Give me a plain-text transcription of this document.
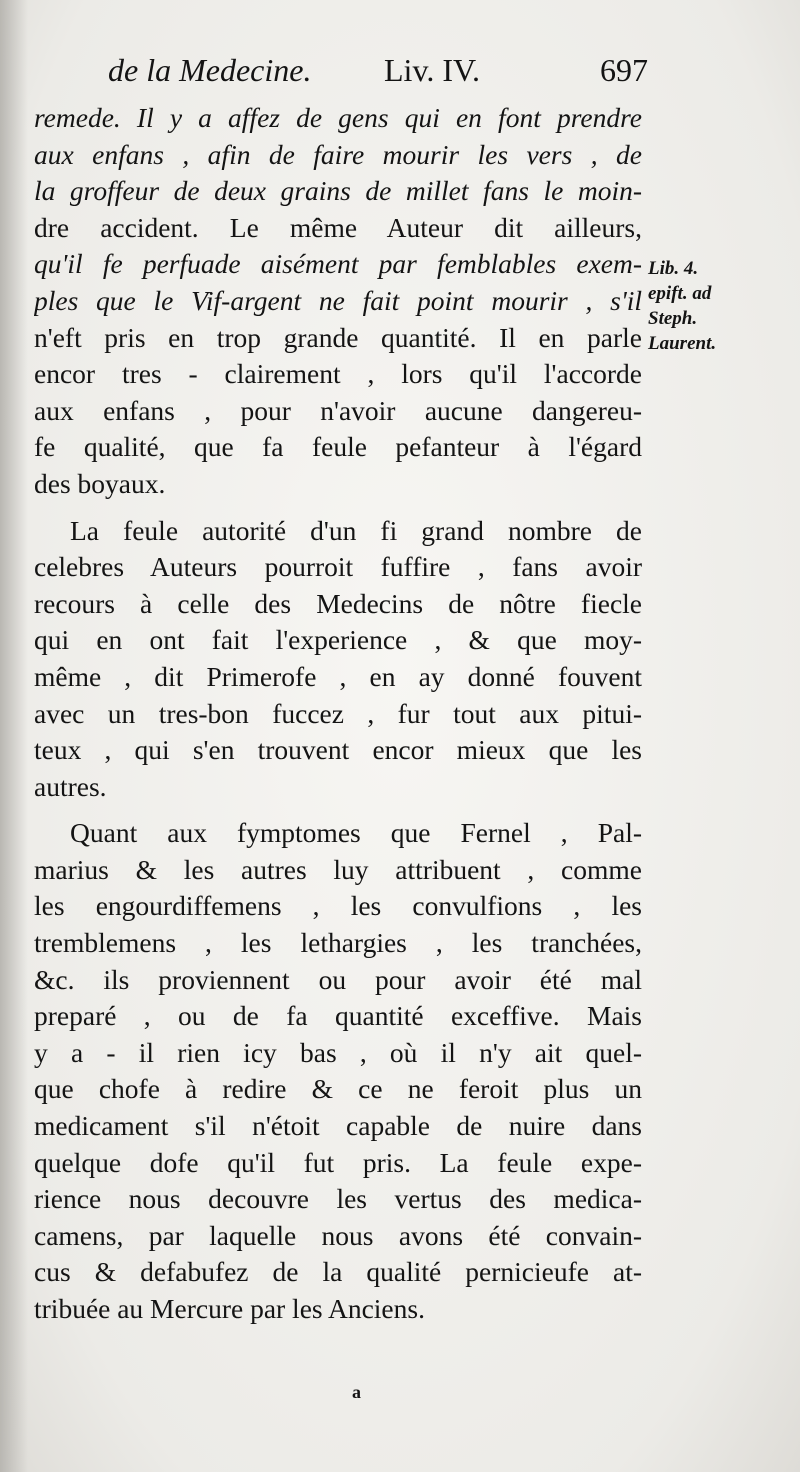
de la Medecine. Liv. IV.	697
remede. Il y a affez de gens qui en font prendre
aux enfans , afin de faire mourir les vers , de
la groffeur de deux grains de millet fans le moin-
dre accident. Le même Auteur dit ailleurs,
qu'il fe perfuade aisément par femblables exem-
ples que le Vif-argent ne fait point mourir , s'il
n'eft pris en trop grande quantité. Il en parle
encor tres - clairement , lors qu'il l'accorde
aux enfans , pour n'avoir aucune dangereu-
fe qualité, que fa feule pefanteur à l'égard
des boyaux.
La feule autorité d'un fi grand nombre de
celebres Auteurs pourroit fuffire , fans avoir
recours à celle des Medecins de nôtre fiecle
qui en ont fait l'experience , & que moy-
même , dit Primerofe , en ay donné fouvent
avec un tres-bon fuccez , fur tout aux pitui-
teux , qui s'en trouvent encor mieux que les
autres.
Quant aux fymptomes que Fernel , Pal-
marius & les autres luy attribuent , comme
les engourdiffemens , les convulfions , les
tremblemens , les lethargies , les tranchées,
&c. ils proviennent ou pour avoir été mal
preparé , ou de fa quantité exceffive. Mais
y a - il rien icy bas , où il n'y ait quel-
que chofe à redire & ce ne feroit plus un
medicament s'il n'étoit capable de nuire dans
quelque dofe qu'il fut pris. La feule expe-
rience nous decouvre les vertus des medica-
camens, par laquelle nous avons été convain-
cus & defabufez de la qualité pernicieufe at-
tribuée au Mercure par les Anciens.
Lib. 4.
epift. ad
Steph.
Laurent.
a
